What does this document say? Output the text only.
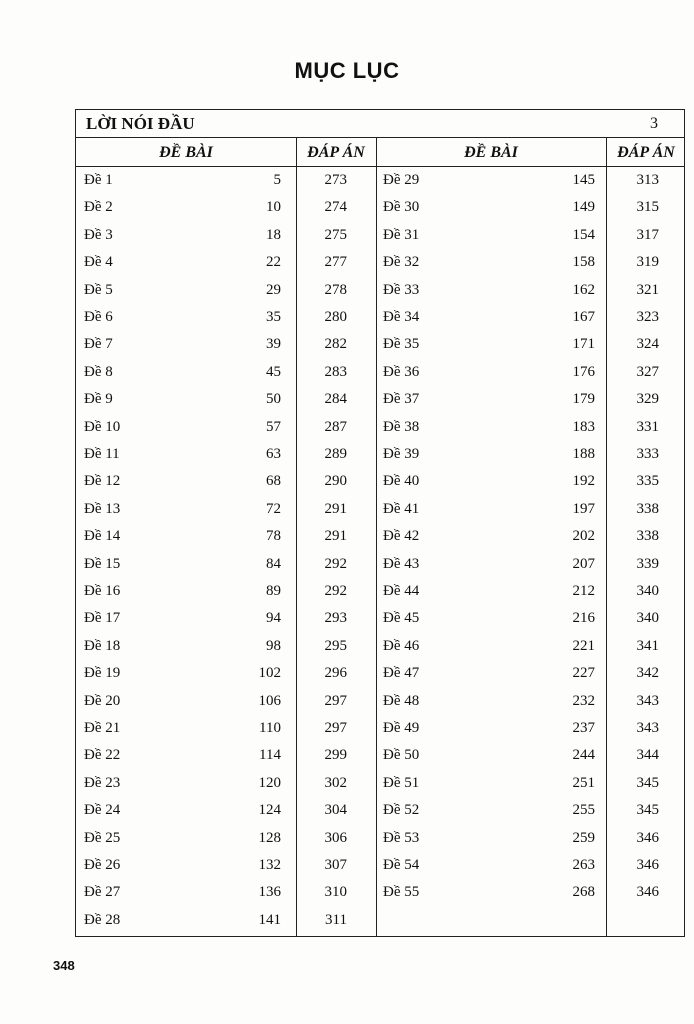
MỤC LỤC
LỜI NÓI ĐẦU	3
ĐỀ BÀI	ĐÁP ÁN	ĐỀ BÀI	ĐÁP ÁN
Đề 1	5	273
Đề 2	10	274
Đề 3	18	275
Đề 4	22	277
Đề 5	29	278
Đề 6	35	280
Đề 7	39	282
Đề 8	45	283
Đề 9	50	284
Đề 10	57	287
Đề 11	63	289
Đề 12	68	290
Đề 13	72	291
Đề 14	78	291
Đề 15	84	292
Đề 16	89	292
Đề 17	94	293
Đề 18	98	295
Đề 19	102	296
Đề 20	106	297
Đề 21	110	297
Đề 22	114	299
Đề 23	120	302
Đề 24	124	304
Đề 25	128	306
Đề 26	132	307
Đề 27	136	310
Đề 28	141	311
Đề 29	145	313
Đề 30	149	315
Đề 31	154	317
Đề 32	158	319
Đề 33	162	321
Đề 34	167	323
Đề 35	171	324
Đề 36	176	327
Đề 37	179	329
Đề 38	183	331
Đề 39	188	333
Đề 40	192	335
Đề 41	197	338
Đề 42	202	338
Đề 43	207	339
Đề 44	212	340
Đề 45	216	340
Đề 46	221	341
Đề 47	227	342
Đề 48	232	343
Đề 49	237	343
Đề 50	244	344
Đề 51	251	345
Đề 52	255	345
Đề 53	259	346
Đề 54	263	346
Đề 55	268	346
348
